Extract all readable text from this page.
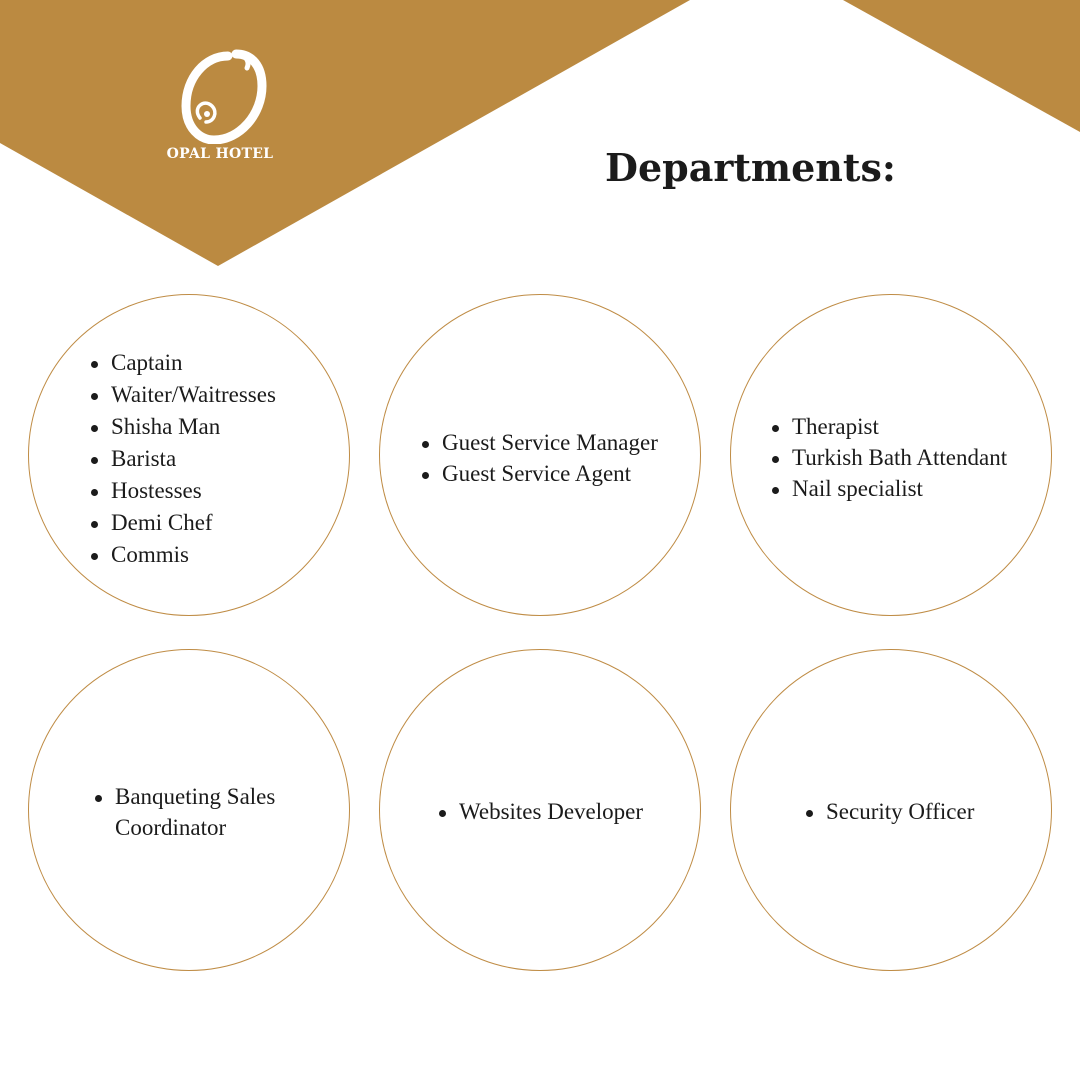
OPAL HOTEL	Departments:
Captain
Waiter/Waitresses
Shisha Man
Barista
Hostesses
Demi Chef
Commis
Guest Service Manager
Guest Service Agent
Therapist
Turkish Bath Attendant
Nail specialist
Banqueting Sales Coordinator
Websites Developer	Security Officer
